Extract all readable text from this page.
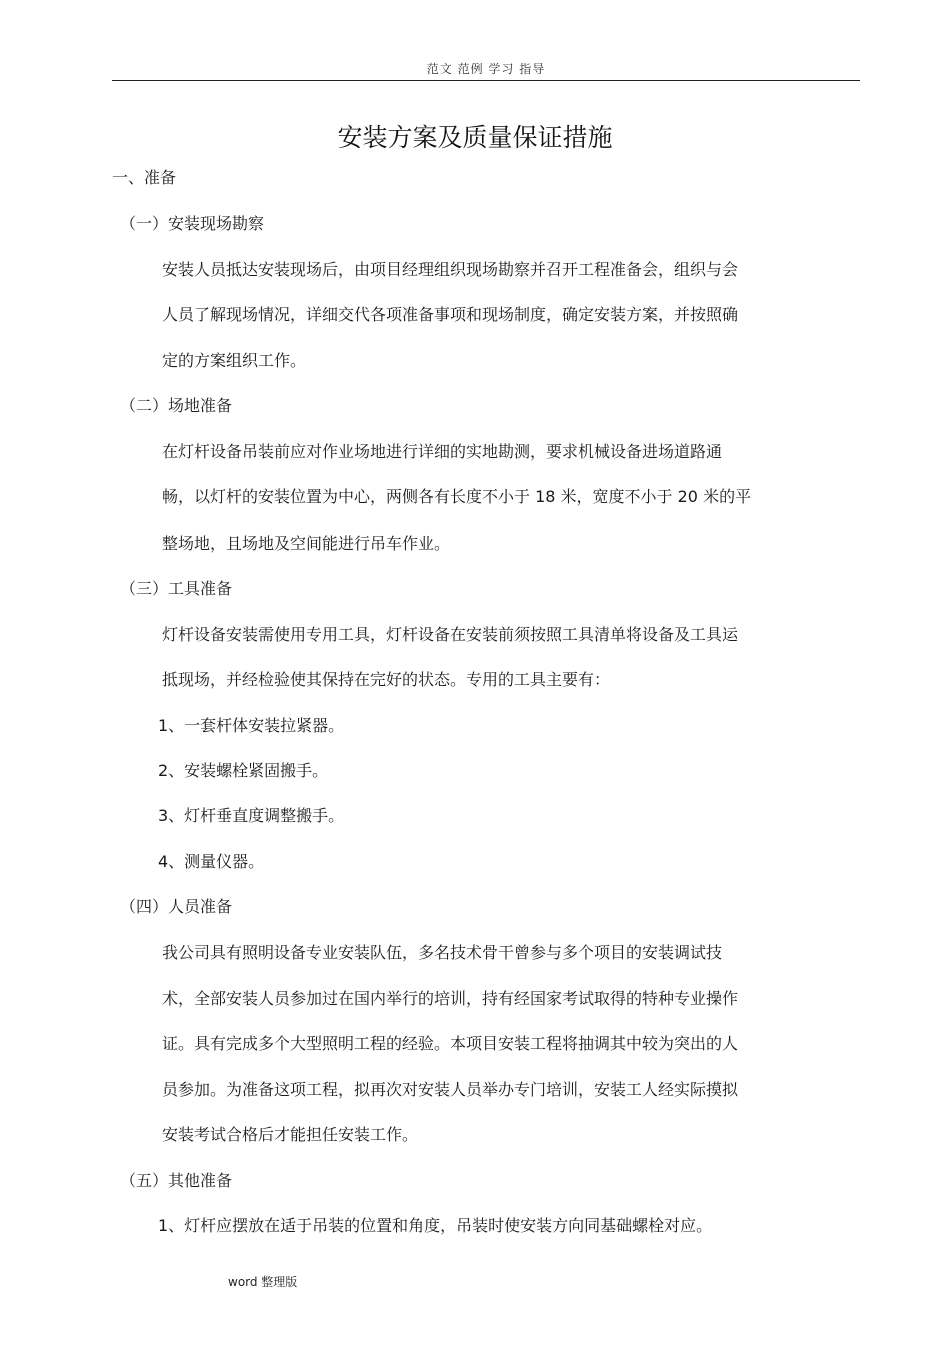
范文 范例 学习 指导
安装方案及质量保证措施
一、准备
（一）安装现场勘察
安装人员抵达安装现场后，由项目经理组织现场勘察并召开工程准备会，组织与会
人员了解现场情况，详细交代各项准备事项和现场制度，确定安装方案，并按照确
定的方案组织工作。
（二）场地准备
在灯杆设备吊装前应对作业场地进行详细的实地勘测，要求机械设备进场道路通
畅，以灯杆的安装位置为中心，两侧各有长度不小于 18 米，宽度不小于 20 米的平
整场地，且场地及空间能进行吊车作业。
（三）工具准备
灯杆设备安装需使用专用工具，灯杆设备在安装前须按照工具清单将设备及工具运
抵现场，并经检验使其保持在完好的状态。专用的工具主要有：
1、一套杆体安装拉紧器。
2、安装螺栓紧固搬手。
3、灯杆垂直度调整搬手。
4、测量仪器。
（四）人员准备
我公司具有照明设备专业安装队伍，多名技术骨干曾参与多个项目的安装调试技
术，全部安装人员参加过在国内举行的培训，持有经国家考试取得的特种专业操作
证。具有完成多个大型照明工程的经验。本项目安装工程将抽调其中较为突出的人
员参加。为准备这项工程，拟再次对安装人员举办专门培训，安装工人经实际摸拟
安装考试合格后才能担任安装工作。
（五）其他准备
1、灯杆应摆放在适于吊装的位置和角度，吊装时使安装方向同基础螺栓对应。
word 整理版
